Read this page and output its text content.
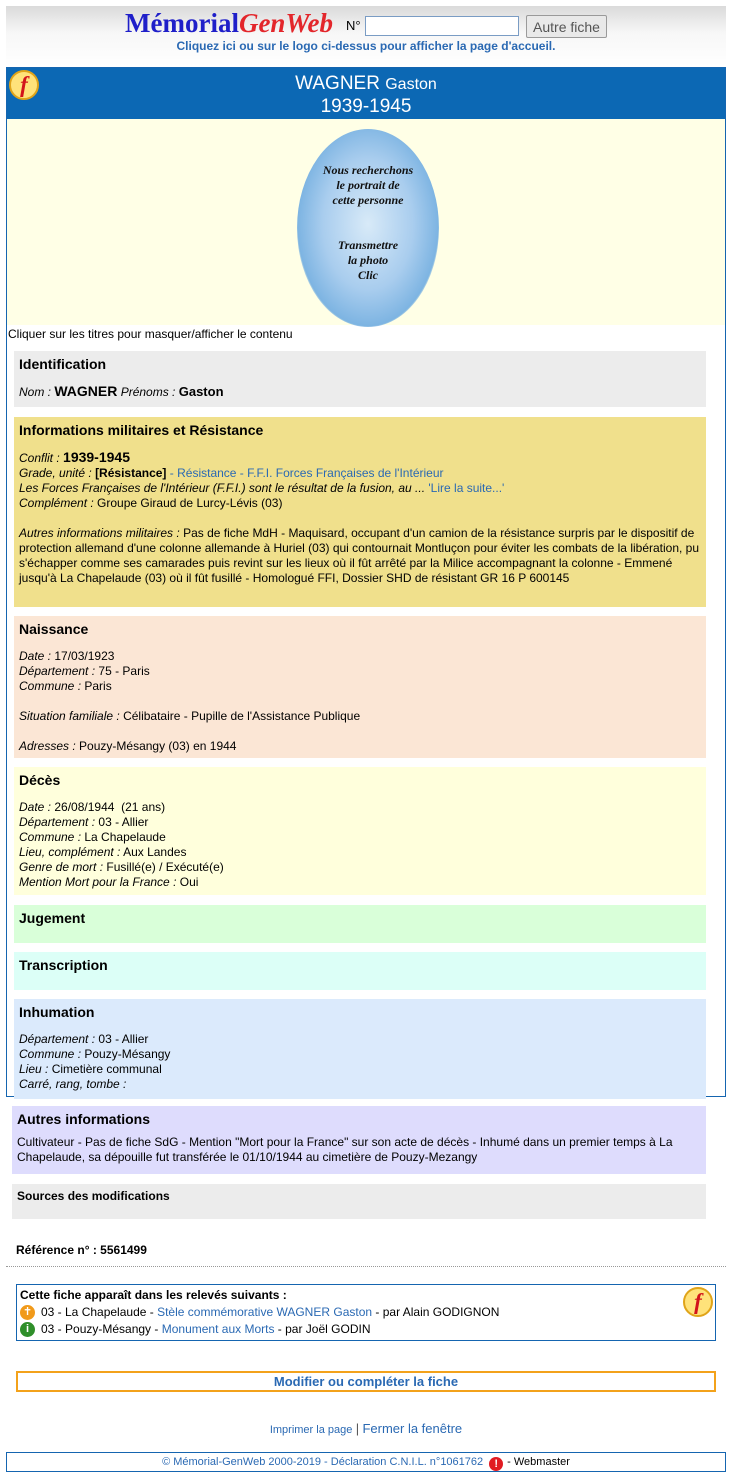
MémorialGenWeb N°	Autre fiche
Cliquez ici ou sur le logo ci-dessus pour afficher la page d'accueil.
f	WAGNER Gaston
1939-1945
Nous recherchons
le portrait de
cette personne
Transmettre
la photo
Clic
Cliquer sur les titres pour masquer/afficher le contenu
Identification
Nom : WAGNER Prénoms : Gaston
Informations militaires et Résistance
Conflit : 1939-1945
Grade, unité : [Résistance] - Résistance - F.F.I. Forces Françaises de l'Intérieur
Les Forces Françaises de l'Intérieur (F.F.I.) sont le résultat de la fusion, au ... 'Lire la suite...'
Complément : Groupe Giraud de Lurcy-Lévis (03)
Autres informations militaires : Pas de fiche MdH - Maquisard, occupant d'un camion de la résistance surpris par le dispositif de protection allemand d'une colonne allemande à Huriel (03) qui contournait Montluçon pour éviter les combats de la libération, pu s'échapper comme ses camarades puis revint sur les lieux où il fût arrêté par la Milice accompagnant la colonne - Emmené jusqu'à La Chapelaude (03) où il fût fusillé - Homologué FFI, Dossier SHD de résistant GR 16 P 600145
Naissance
Date : 17/03/1923
Département : 75 - Paris
Commune : Paris
Situation familiale : Célibataire - Pupille de l'Assistance Publique
Adresses : Pouzy-Mésangy (03) en 1944
Décès
Date : 26/08/1944  (21 ans)
Département : 03 - Allier
Commune : La Chapelaude
Lieu, complément : Aux Landes
Genre de mort : Fusillé(e) / Exécuté(e)
Mention Mort pour la France : Oui
Jugement
Transcription
Inhumation
Département : 03 - Allier
Commune : Pouzy-Mésangy
Lieu : Cimetière communal
Carré, rang, tombe :
Autres informations
Cultivateur - Pas de fiche SdG - Mention "Mort pour la France" sur son acte de décès - Inhumé dans un premier temps à La Chapelaude, sa dépouille fut transférée le 01/10/1944 au cimetière de Pouzy-Mezangy
Sources des modifications
Référence n° : 5561499
f
Cette fiche apparaît dans les relevés suivants :
✝ 03 - La Chapelaude -
Stèle commémorative WAGNER Gaston
- par Alain GODIGNON
i 03 - Pouzy-Mésangy -
Monument aux Morts
- par Joël GODIN
Modifier ou compléter la fiche
Imprimer la page | Fermer la fenêtre
© Mémorial-GenWeb 2000-2019 - Déclaration C.N.I.L. n°1061762 ! - Webmaster
